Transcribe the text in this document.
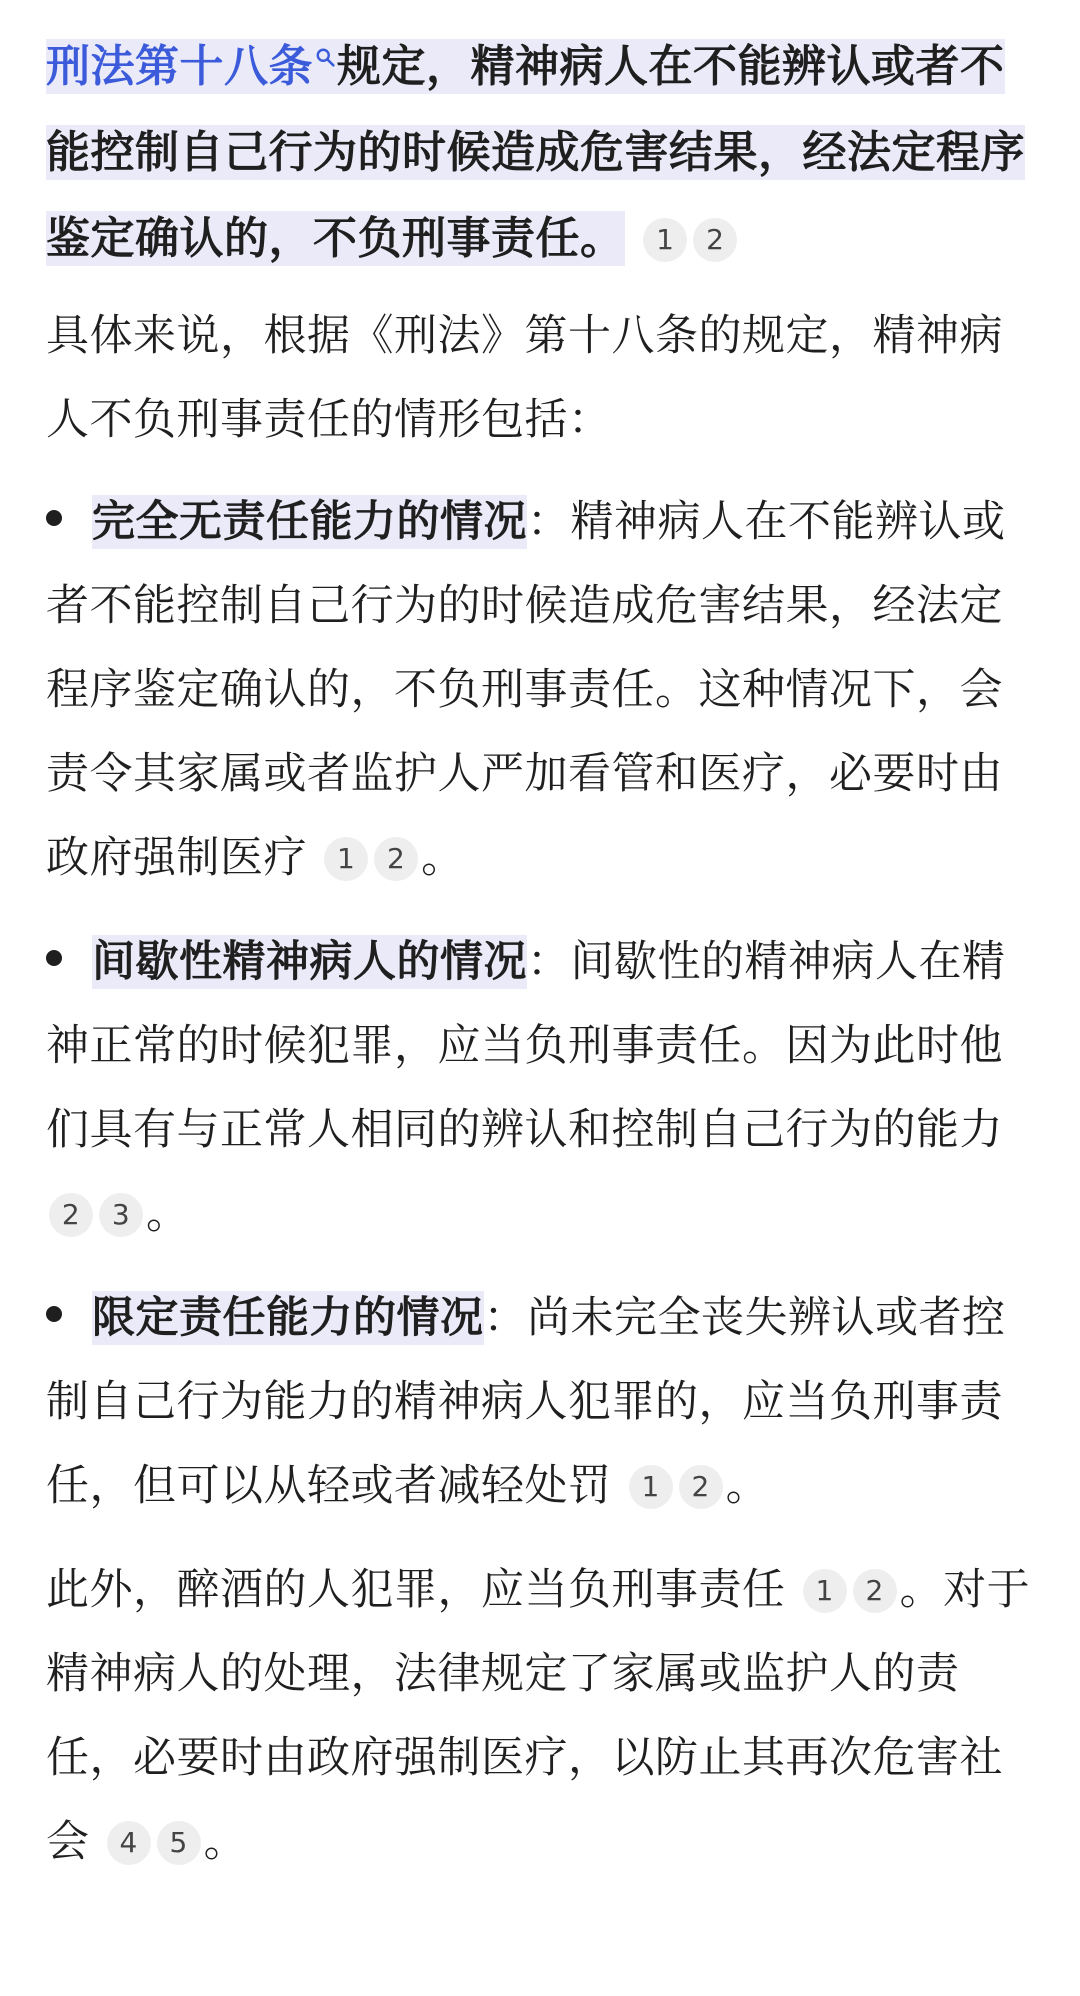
刑法第十八条 规定，精神病人在不能辨认或者不能控制自己行为的时候造成危害结果，经法定程序鉴定确认的，不负刑事责任。 1 2

具体来说，根据《刑法》第十八条的规定，精神病人不负刑事责任的情形包括：

完全无责任能力的情况：精神病人在不能辨认或者不能控制自己行为的时候造成危害结果，经法定程序鉴定确认的，不负刑事责任。这种情况下，会责令其家属或者监护人严加看管和医疗，必要时由政府强制医疗 1 2 。
间歇性精神病人的情况：间歇性的精神病人在精神正常的时候犯罪，应当负刑事责任。因为此时他们具有与正常人相同的辨认和控制自己行为的能力 2 3 。
限定责任能力的情况：尚未完全丧失辨认或者控制自己行为能力的精神病人犯罪的，应当负刑事责任，但可以从轻或者减轻处罚 1 2 。

此外，醉酒的人犯罪，应当负刑事责任 1 2 。对于精神病人的处理，法律规定了家属或监护人的责任，必要时由政府强制医疗，以防止其再次危害社会 4 5 。
